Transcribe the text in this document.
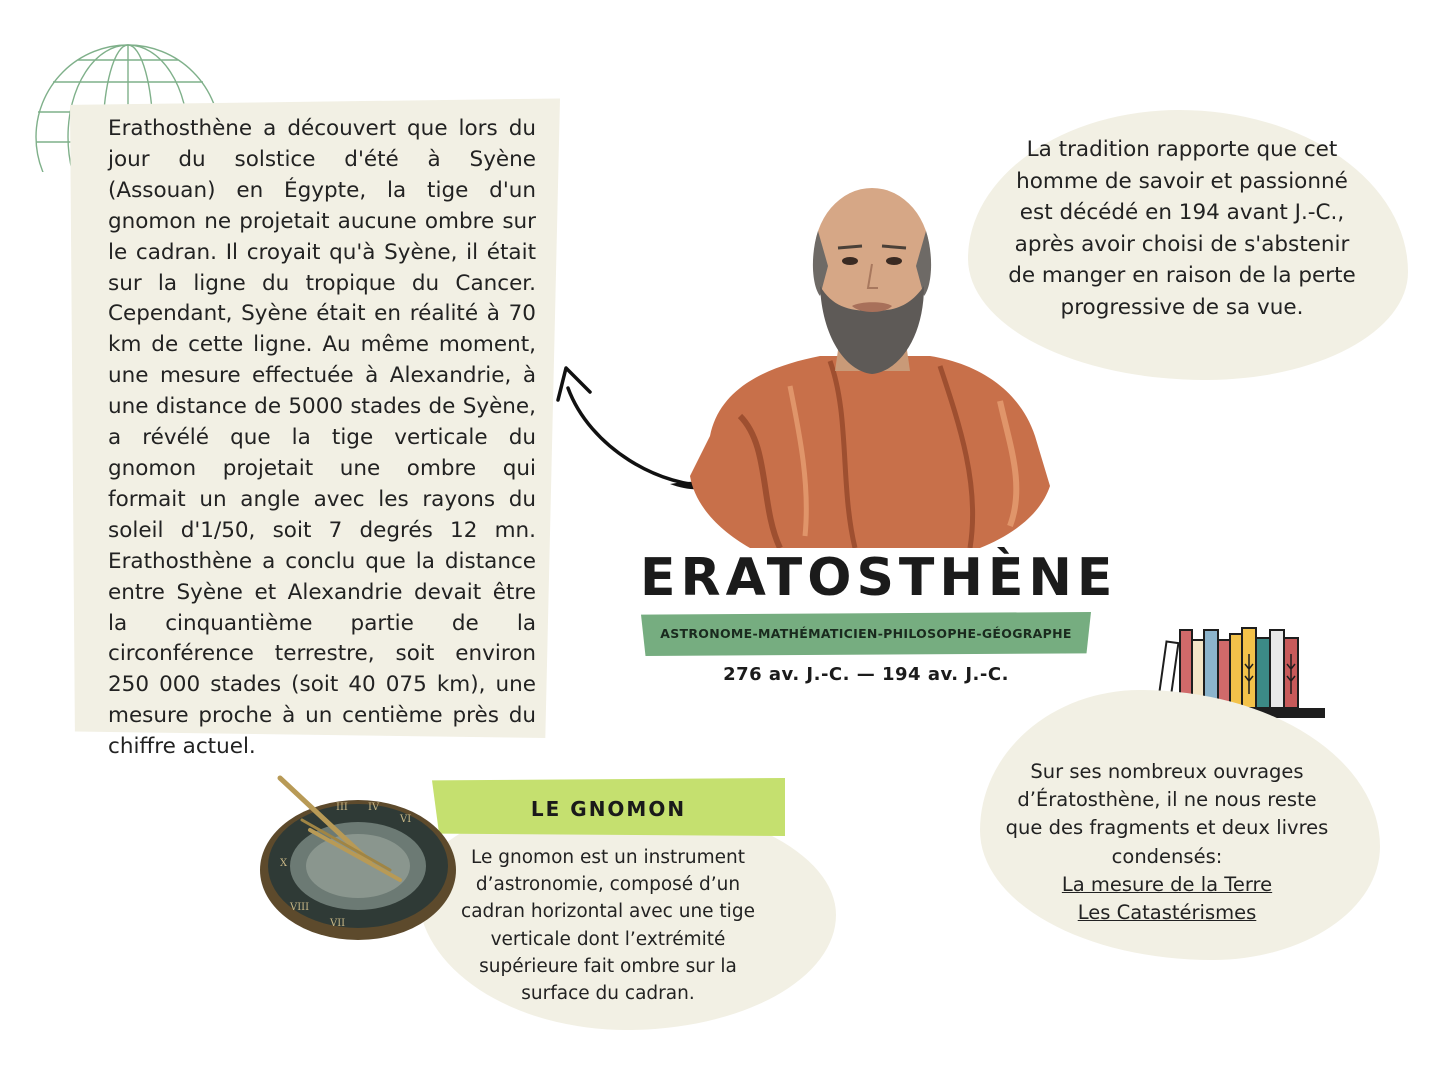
Erathosthène a découvert que lors du jour du solstice d'été à Syène (Assouan) en Égypte, la tige d'un gnomon ne projetait aucune ombre sur le cadran. Il croyait qu'à Syène, il était sur la ligne du tropique du Cancer. Cependant, Syène était en réalité à 70 km de cette ligne. Au même moment, une mesure effectuée à Alexandrie, à une distance de 5000 stades de Syène, a révélé que la tige verticale du gnomon projetait une ombre qui formait un angle avec les rayons du soleil d'1/50, soit 7 degrés 12 mn. Erathosthène a conclu que la distance entre Syène et Alexandrie devait être la cinquantième partie de la circonférence terrestre, soit environ 250 000 stades (soit 40 075 km), une mesure proche à un centième près du chiffre actuel.
ERATOSTHÈNE
ASTRONOME-MATHÉMATICIEN-PHILOSOPHE-GÉOGRAPHE
276 av. J.-C. — 194 av. J.-C.
La tradition rapporte que cet homme de savoir et passionné est décédé en 194 avant J.-C., après avoir choisi de s'abstenir de manger en raison de la perte progressive de sa vue.
Sur ses nombreux ouvrages d’Ératosthène, il ne nous reste que des fragments et deux livres condensés:
La mesure de la Terre
Les Catastérismes
LE GNOMON
Le gnomon est un instrument d’astronomie, composé d’un cadran horizontal avec une tige verticale dont l’extrémité supérieure fait ombre sur la surface du cadran.
III IV
VI
X
VIII
VII
